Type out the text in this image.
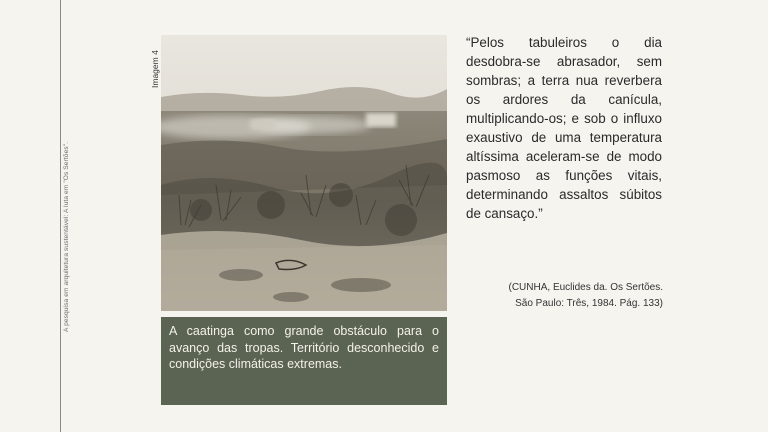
A pesquisa em arquitetura sustentável: A luta em "Os Sertões".
Imagem 4

A caatinga como grande obstáculo para o avanço das tropas. Território desconhecido e condições climáticas extremas.

“Pelos tabuleiros o dia desdobra-se abrasador, sem sombras; a terra nua reverbera os ardores da canícula, multiplicando-os; e sob o influxo exaustivo de uma temperatura altíssima aceleram-se de modo pasmoso as funções vitais, determinando assaltos súbitos de cansaço.”

(CUNHA, Euclides da. Os Sertões.
São Paulo: Três, 1984. Pág. 133)
